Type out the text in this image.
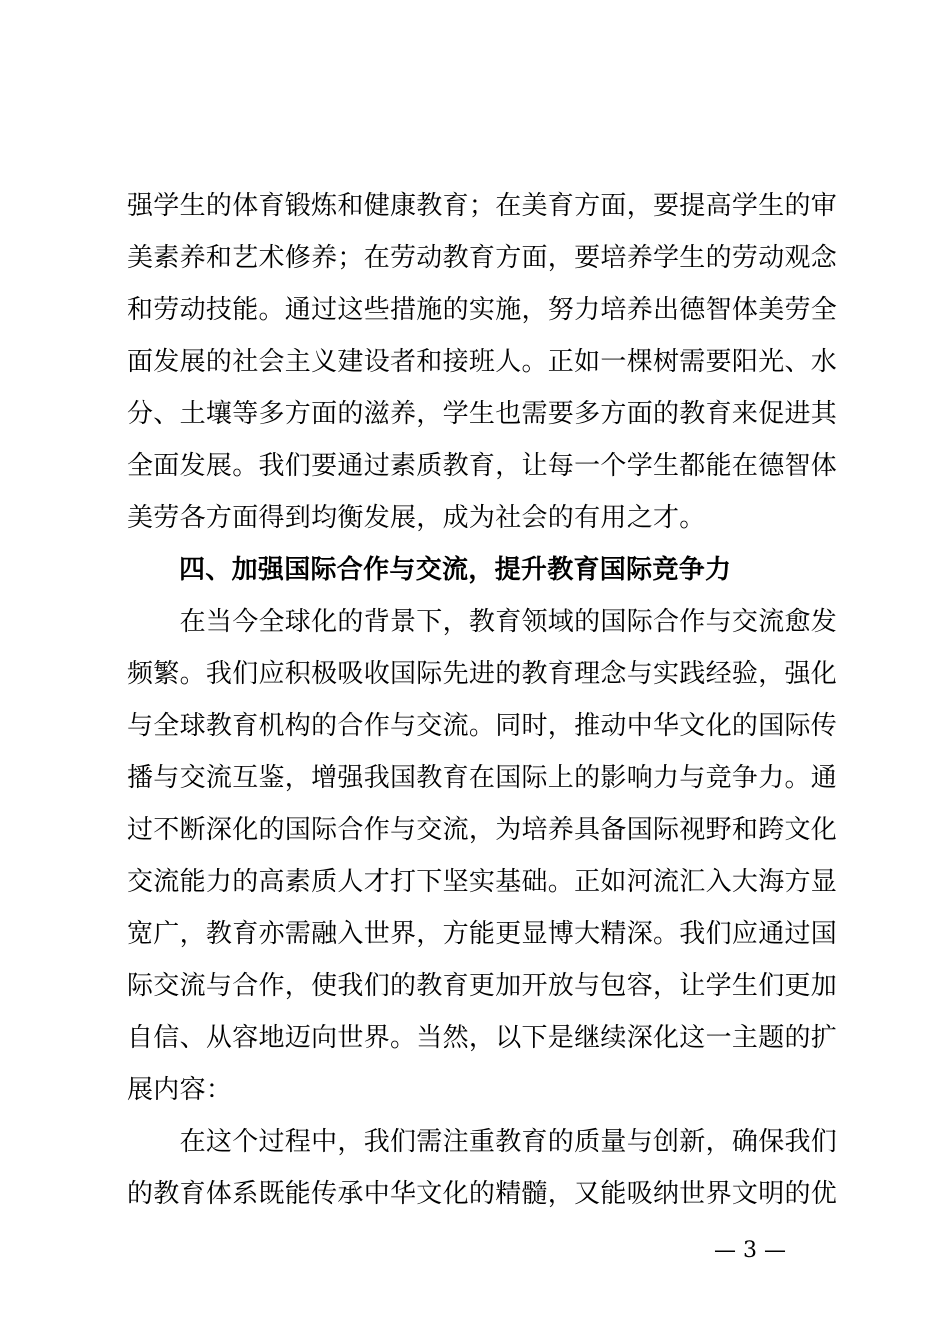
强学生的体育锻炼和健康教育；在美育方面，要提高学生的审
美素养和艺术修养；在劳动教育方面，要培养学生的劳动观念
和劳动技能。通过这些措施的实施，努力培养出德智体美劳全
面发展的社会主义建设者和接班人。正如一棵树需要阳光、水
分、土壤等多方面的滋养，学生也需要多方面的教育来促进其
全面发展。我们要通过素质教育，让每一个学生都能在德智体
美劳各方面得到均衡发展，成为社会的有用之才。
四、加强国际合作与交流，提升教育国际竞争力
　　在当今全球化的背景下，教育领域的国际合作与交流愈发
频繁。我们应积极吸收国际先进的教育理念与实践经验，强化
与全球教育机构的合作与交流。同时，推动中华文化的国际传
播与交流互鉴，增强我国教育在国际上的影响力与竞争力。通
过不断深化的国际合作与交流，为培养具备国际视野和跨文化
交流能力的高素质人才打下坚实基础。正如河流汇入大海方显
宽广，教育亦需融入世界，方能更显博大精深。我们应通过国
际交流与合作，使我们的教育更加开放与包容，让学生们更加
自信、从容地迈向世界。当然，以下是继续深化这一主题的扩
展内容：
　　在这个过程中，我们需注重教育的质量与创新，确保我们
的教育体系既能传承中华文化的精髓，又能吸纳世界文明的优
— 3 —
